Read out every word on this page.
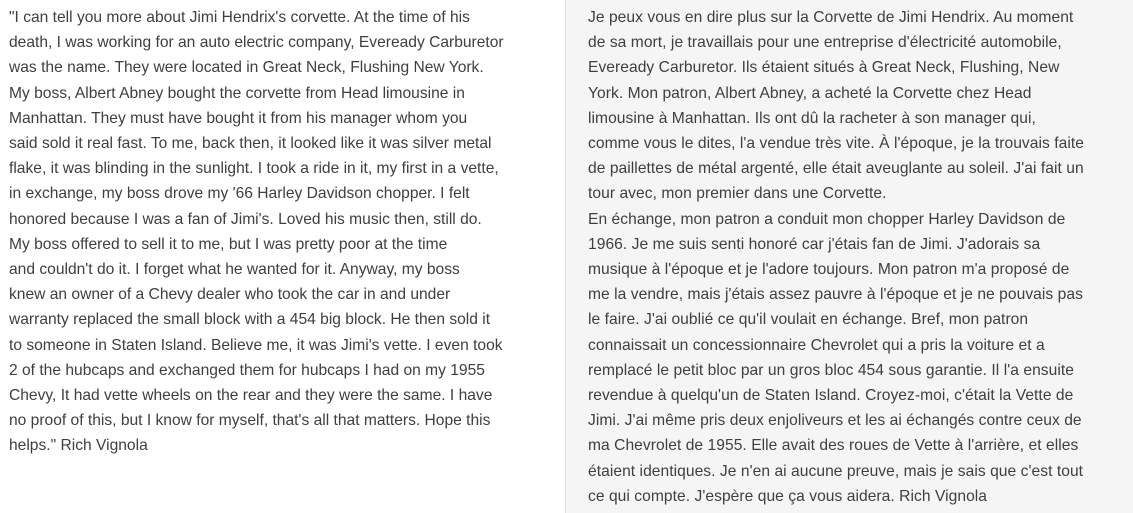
"I can tell you more about Jimi Hendrix's corvette. At the time of his
death, I was working for an auto electric company, Eveready Carburetor
was the name. They were located in Great Neck, Flushing New York.
My boss, Albert Abney bought the corvette from Head limousine in
Manhattan. They must have bought it from his manager whom you
said sold it real fast. To me, back then, it looked like it was silver metal
flake, it was blinding in the sunlight. I took a ride in it, my first in a vette,
in exchange, my boss drove my '66 Harley Davidson chopper. I felt
honored because I was a fan of Jimi's. Loved his music then, still do.
My boss offered to sell it to me, but I was pretty poor at the time
and couldn't do it. I forget what he wanted for it. Anyway, my boss
knew an owner of a Chevy dealer who took the car in and under
warranty replaced the small block with a 454 big block. He then sold it
to someone in Staten Island. Believe me, it was Jimi's vette. I even took
2 of the hubcaps and exchanged them for hubcaps I had on my 1955
Chevy, It had vette wheels on the rear and they were the same. I have
no proof of this, but I know for myself, that's all that matters. Hope this
helps." Rich Vignola
Je peux vous en dire plus sur la Corvette de Jimi Hendrix. Au moment
de sa mort, je travaillais pour une entreprise d'électricité automobile,
Eveready Carburetor. Ils étaient situés à Great Neck, Flushing, New
York. Mon patron, Albert Abney, a acheté la Corvette chez Head
limousine à Manhattan. Ils ont dû la racheter à son manager qui,
comme vous le dites, l'a vendue très vite. À l'époque, je la trouvais faite
de paillettes de métal argenté, elle était aveuglante au soleil. J'ai fait un
tour avec, mon premier dans une Corvette.
En échange, mon patron a conduit mon chopper Harley Davidson de
1966. Je me suis senti honoré car j'étais fan de Jimi. J'adorais sa
musique à l'époque et je l'adore toujours. Mon patron m'a proposé de
me la vendre, mais j'étais assez pauvre à l'époque et je ne pouvais pas
le faire. J'ai oublié ce qu'il voulait en échange. Bref, mon patron
connaissait un concessionnaire Chevrolet qui a pris la voiture et a
remplacé le petit bloc par un gros bloc 454 sous garantie. Il l'a ensuite
revendue à quelqu'un de Staten Island. Croyez-moi, c'était la Vette de
Jimi. J'ai même pris deux enjoliveurs et les ai échangés contre ceux de
ma Chevrolet de 1955. Elle avait des roues de Vette à l'arrière, et elles
étaient identiques. Je n'en ai aucune preuve, mais je sais que c'est tout
ce qui compte. J'espère que ça vous aidera. Rich Vignola
